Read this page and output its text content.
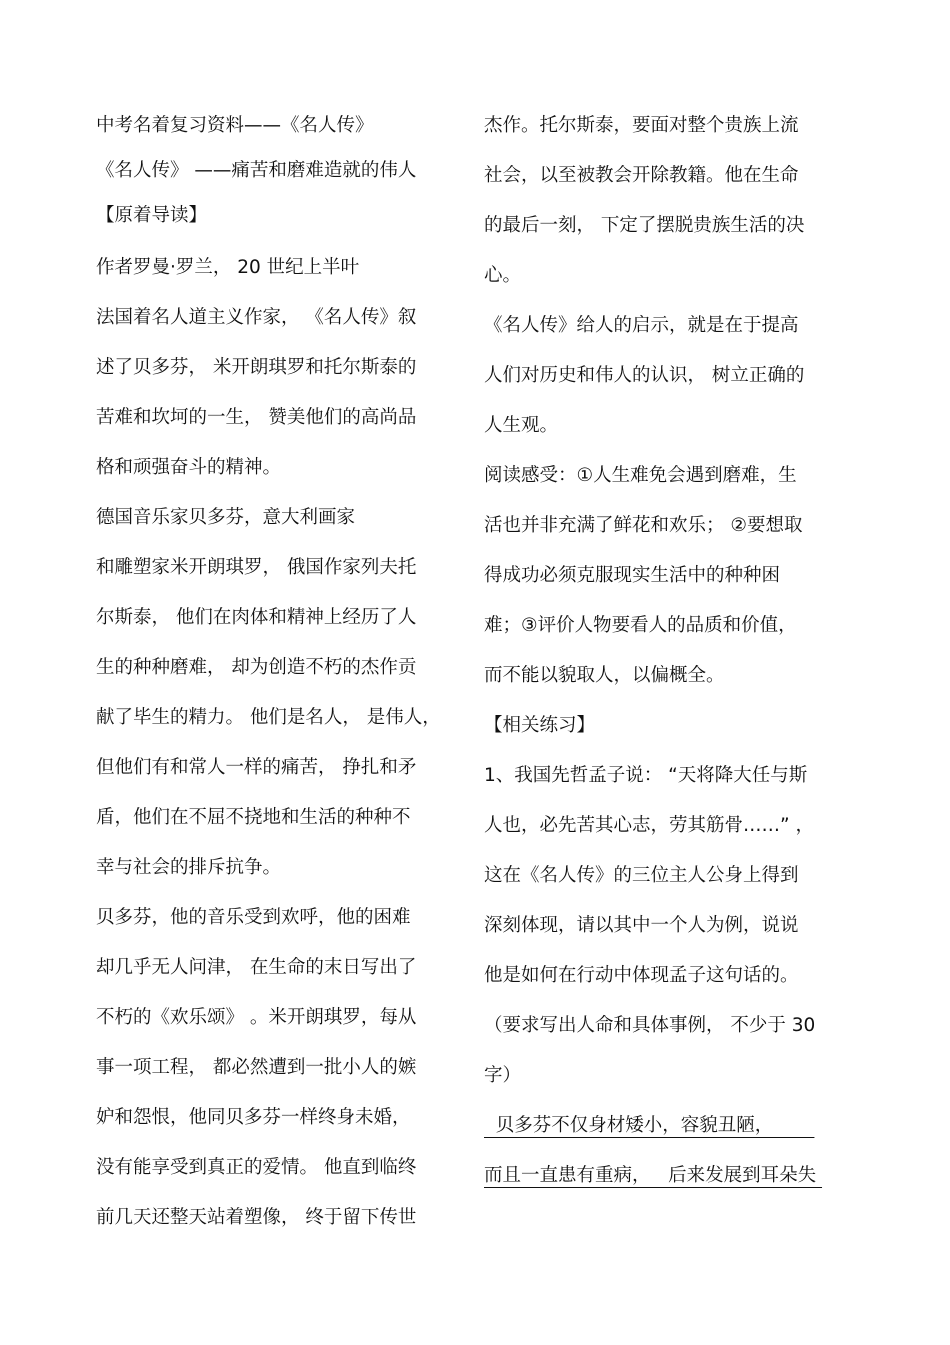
中考名着复习资料——《名人传》
《名人传》 ——痛苦和磨难造就的伟人
【原着导读】
作者罗曼·罗兰， 20 世纪上半叶
法国着名人道主义作家， 《名人传》叙
述了贝多芬， 米开朗琪罗和托尔斯泰的
苦难和坎坷的一生， 赞美他们的高尚品
格和顽强奋斗的精神。
德国音乐家贝多芬，意大利画家
和雕塑家米开朗琪罗， 俄国作家列夫托
尔斯泰， 他们在肉体和精神上经历了人
生的种种磨难， 却为创造不朽的杰作贡
献了毕生的精力。 他们是名人， 是伟人，
但他们有和常人一样的痛苦， 挣扎和矛
盾，他们在不屈不挠地和生活的种种不
幸与社会的排斥抗争。
贝多芬，他的音乐受到欢呼，他的困难
却几乎无人问津， 在生命的末日写出了
不朽的《欢乐颂》 。米开朗琪罗，每从
事一项工程， 都必然遭到一批小人的嫉
妒和怨恨，他同贝多芬一样终身未婚，
没有能享受到真正的爱情。 他直到临终
前几天还整天站着塑像， 终于留下传世
杰作。托尔斯泰，要面对整个贵族上流
社会，以至被教会开除教籍。他在生命
的最后一刻， 下定了摆脱贵族生活的决
心。
《名人传》给人的启示，就是在于提高
人们对历史和伟人的认识， 树立正确的
人生观。
阅读感受：①人生难免会遇到磨难，生
活也并非充满了鲜花和欢乐； ②要想取
得成功必须克服现实生活中的种种困
难；③评价人物要看人的品质和价值，
而不能以貌取人，以偏概全。
【相关练习】
1、我国先哲孟子说： “天将降大任与斯
人也，必先苦其心志，劳其筋骨……” ，
这在《名人传》的三位主人公身上得到
深刻体现，请以其中一个人为例，说说
他是如何在行动中体现孟子这句话的。
（要求写出人命和具体事例， 不少于 30
字）
贝多芬不仅身材矮小，容貌丑陋，
而且一直患有重病，   后来发展到耳朵失
